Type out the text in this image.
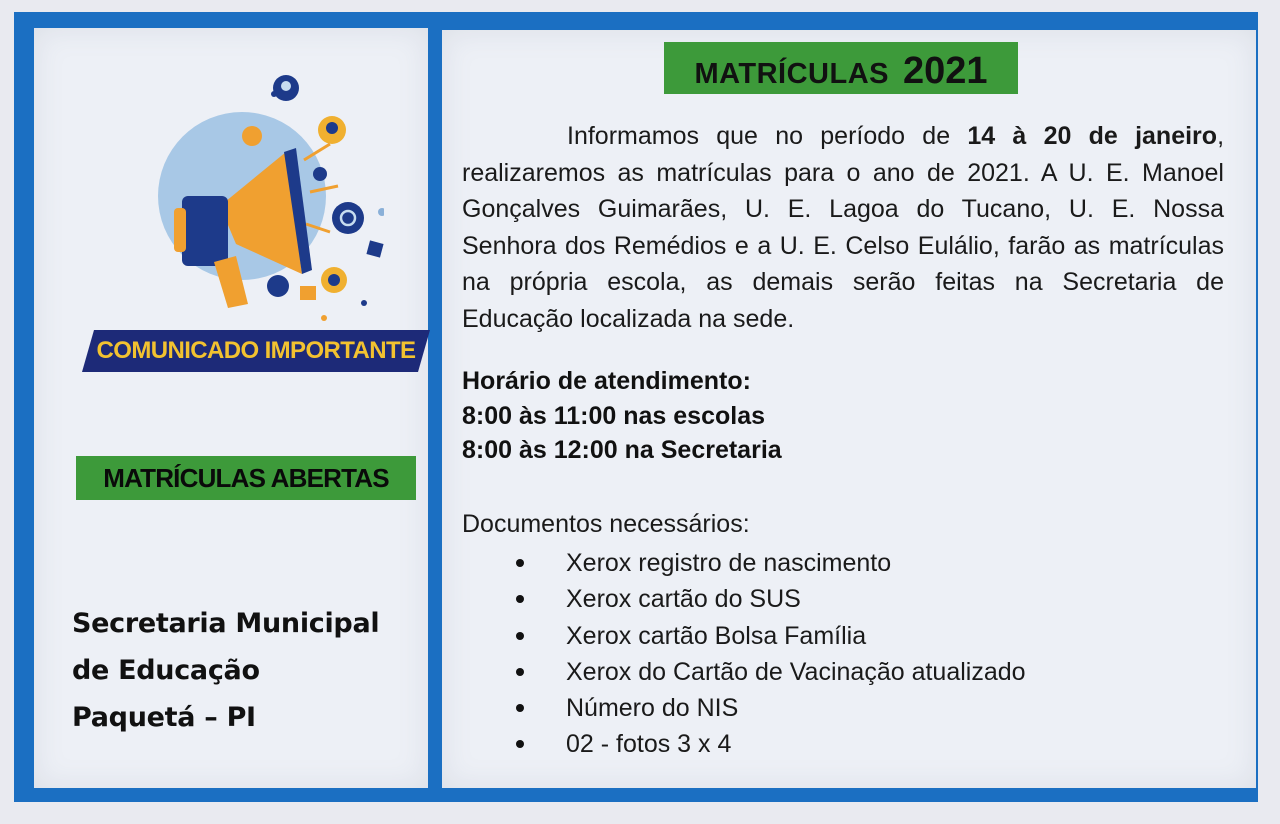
COMUNICADO IMPORTANTE
MATRÍCULAS ABERTAS
Secretaria Municipal
de Educação
Paquetá – PI
MATRÍCULAS 2021

Informamos que no período de 14 à 20 de janeiro, realizaremos as matrículas para o ano de 2021. A U. E. Manoel Gonçalves Guimarães, U. E. Lagoa do Tucano, U. E. Nossa Senhora dos Remédios e a U. E. Celso Eulálio, farão as matrículas na própria escola, as demais serão feitas na Secretaria de Educação localizada na sede.

Horário de atendimento:
8:00 às 11:00 nas escolas
8:00 às 12:00 na Secretaria
Documentos necessários:
Xerox registro de nascimento
Xerox cartão do SUS
Xerox cartão Bolsa Família
Xerox do Cartão de Vacinação atualizado
Número do NIS
02 - fotos 3 x 4
